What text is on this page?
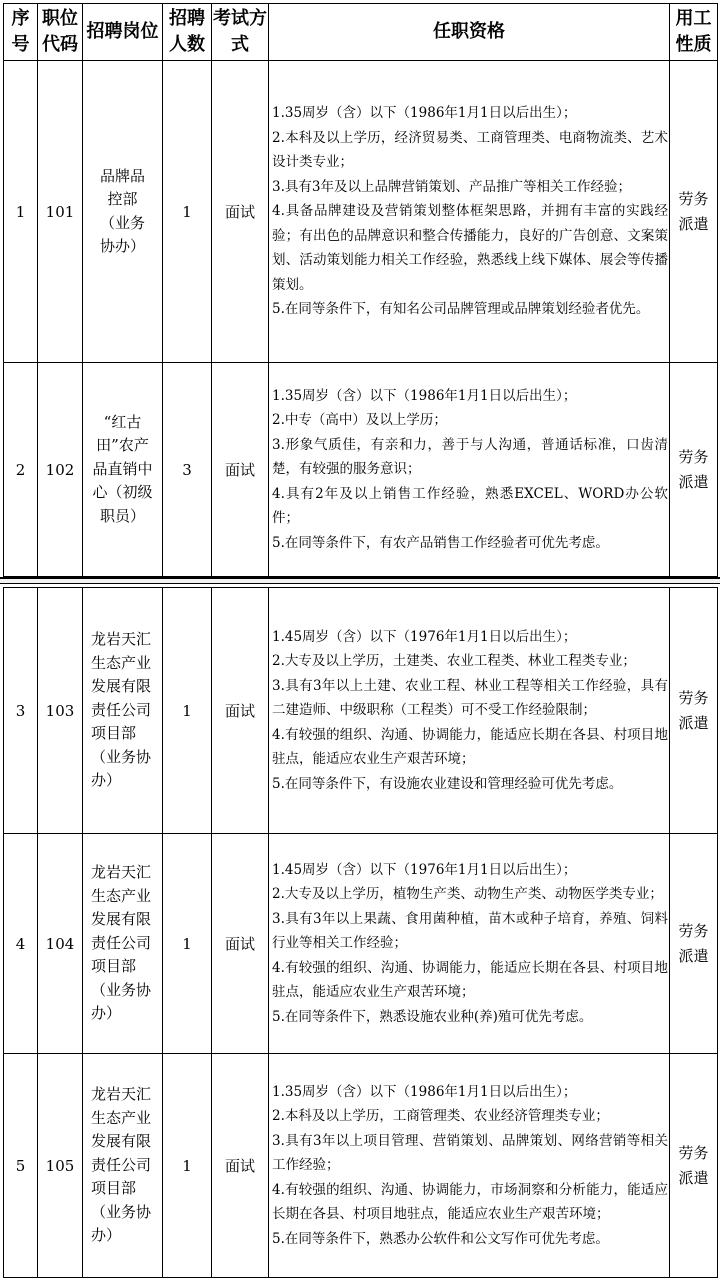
序号	职位代码	招聘岗位	招聘人数	考试方式	任职资格	用工性质
1	101	品牌品控部（业务协办）	1	面试	1.35周岁（含）以下（1986年1月1日以后出生）；
2.本科及以上学历，经济贸易类、工商管理类、电商物流类、艺术设计类专业；
3.具有3年及以上品牌营销策划、产品推广等相关工作经验；
4.具备品牌建设及营销策划整体框架思路，并拥有丰富的实践经验；有出色的品牌意识和整合传播能力，良好的广告创意、文案策划、活动策划能力相关工作经验，熟悉线上线下媒体、展会等传播策划。
5.在同等条件下，有知名公司品牌管理或品牌策划经验者优先。	劳务派遣
2	102	“红古田”农产品直销中心（初级职员）	3	面试	1.35周岁（含）以下（1986年1月1日以后出生）；
2.中专（高中）及以上学历；
3.形象气质佳，有亲和力，善于与人沟通，普通话标准，口齿清楚，有较强的服务意识；
4.具有2年及以上销售工作经验，熟悉EXCEL、WORD办公软件；
5.在同等条件下，有农产品销售工作经验者可优先考虑。	劳务派遣
3	103	龙岩天汇生态产业发展有限责任公司项目部（业务协办）	1	面试	1.45周岁（含）以下（1976年1月1日以后出生）；
2.大专及以上学历，土建类、农业工程类、林业工程类专业；
3.具有3年以上土建、农业工程、林业工程等相关工作经验，具有二建造师、中级职称（工程类）可不受工作经验限制；
4.有较强的组织、沟通、协调能力，能适应长期在各县、村项目地驻点，能适应农业生产艰苦环境；
5.在同等条件下，有设施农业建设和管理经验可优先考虑。	劳务派遣
4	104	龙岩天汇生态产业发展有限责任公司项目部（业务协办）	1	面试	1.45周岁（含）以下（1976年1月1日以后出生）；
2.大专及以上学历，植物生产类、动物生产类、动物医学类专业；
3.具有3年以上果蔬、食用菌种植，苗木或种子培育，养殖、饲料行业等相关工作经验；
4.有较强的组织、沟通、协调能力，能适应长期在各县、村项目地驻点，能适应农业生产艰苦环境；
5.在同等条件下，熟悉设施农业种(养)殖可优先考虑。	劳务派遣
5	105	龙岩天汇生态产业发展有限责任公司项目部（业务协办）	1	面试	1.35周岁（含）以下（1986年1月1日以后出生）；
2.本科及以上学历，工商管理类、农业经济管理类专业；
3.具有3年以上项目管理、营销策划、品牌策划、网络营销等相关工作经验；
4.有较强的组织、沟通、协调能力，市场洞察和分析能力，能适应长期在各县、村项目地驻点，能适应农业生产艰苦环境；
5.在同等条件下，熟悉办公软件和公文写作可优先考虑。	劳务派遣
